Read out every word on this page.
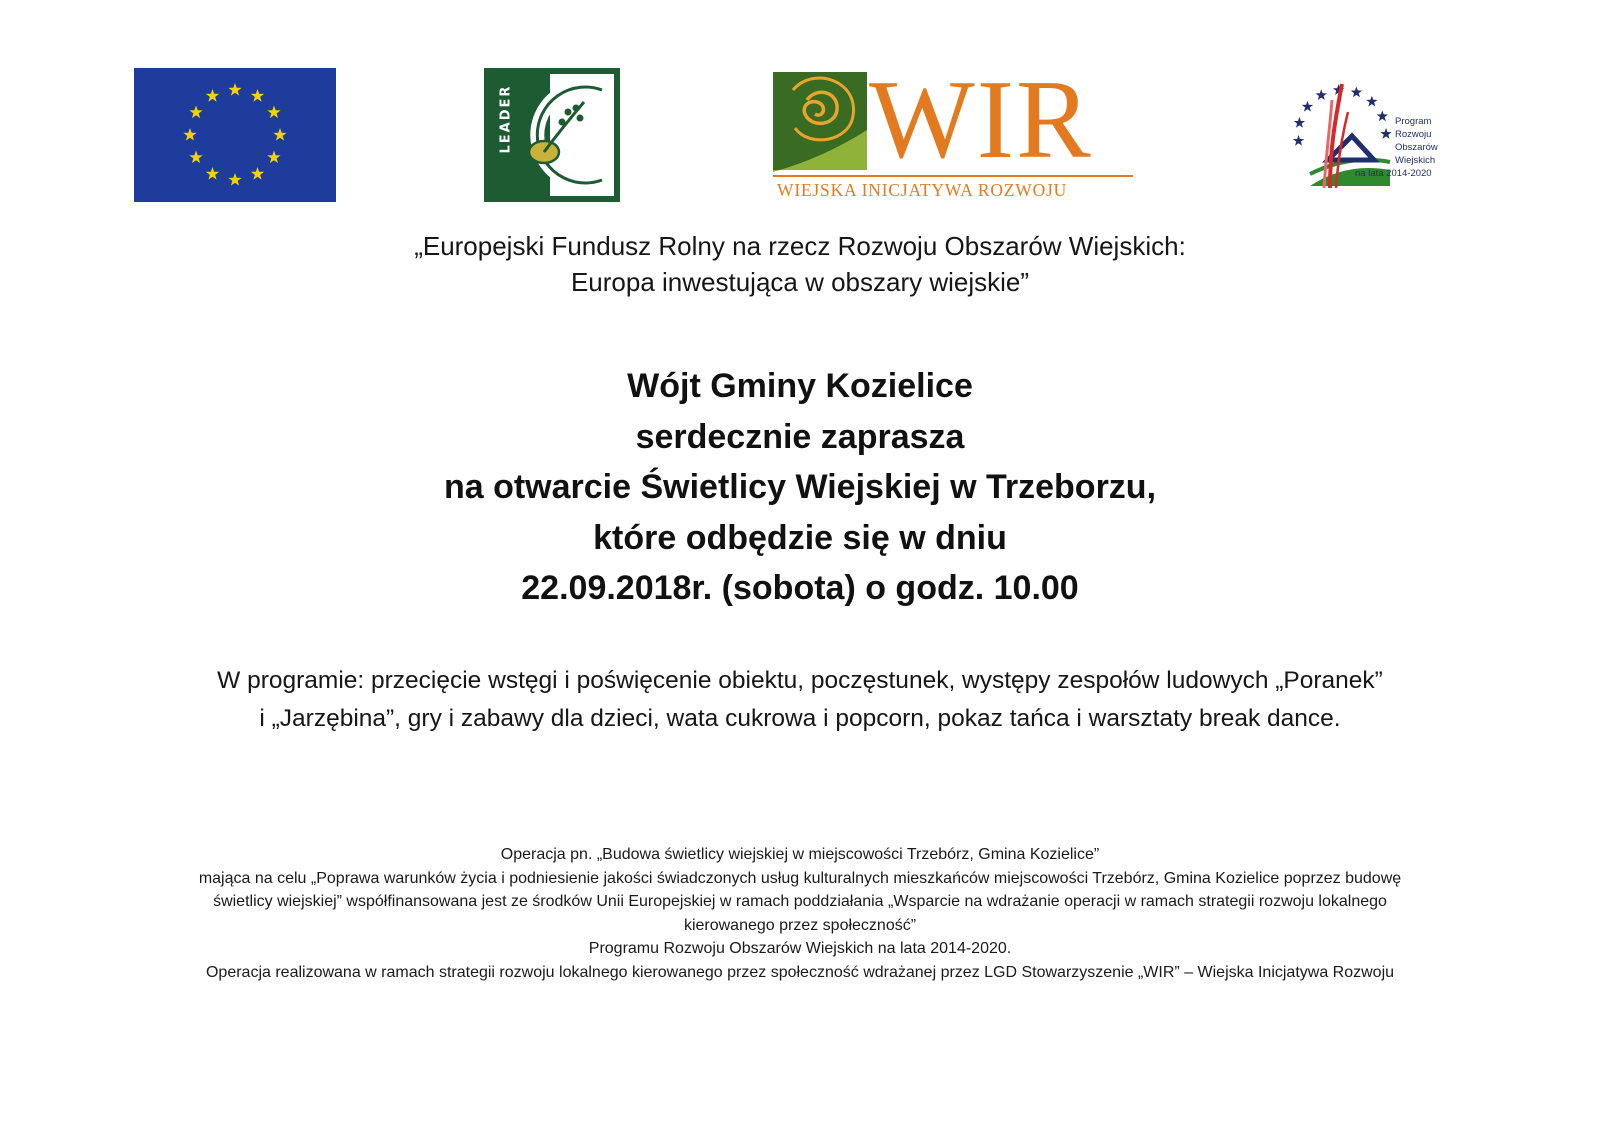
LEADER	WIR
WIEJSKA INICJATYWA ROZWOJU
Program
Rozwoju
Obszarów
Wiejskich
na lata 2014-2020
„Europejski Fundusz Rolny na rzecz Rozwoju Obszarów Wiejskich:
Europa inwestująca w obszary wiejskie”
Wójt Gminy Kozielice
serdecznie zaprasza
na otwarcie Świetlicy Wiejskiej w Trzeborzu,
które odbędzie się w dniu
22.09.2018r. (sobota) o godz. 10.00
W programie: przecięcie wstęgi i poświęcenie obiektu, poczęstunek, występy zespołów ludowych „Poranek”
i „Jarzębina”, gry i zabawy dla dzieci, wata cukrowa i popcorn, pokaz tańca i warsztaty break dance.
Operacja pn. „Budowa świetlicy wiejskiej w miejscowości Trzebórz, Gmina Kozielice”
mająca na celu „Poprawa warunków życia i podniesienie jakości świadczonych usług kulturalnych mieszkańców miejscowości Trzebórz, Gmina Kozielice poprzez budowę
świetlicy wiejskiej” współfinansowana jest ze środków Unii Europejskiej w ramach poddziałania „Wsparcie na wdrażanie operacji w ramach strategii rozwoju lokalnego
kierowanego przez społeczność”
Programu Rozwoju Obszarów Wiejskich na lata 2014-2020.
Operacja realizowana w ramach strategii rozwoju lokalnego kierowanego przez społeczność wdrażanej przez LGD Stowarzyszenie „WIR” – Wiejska Inicjatywa Rozwoju
